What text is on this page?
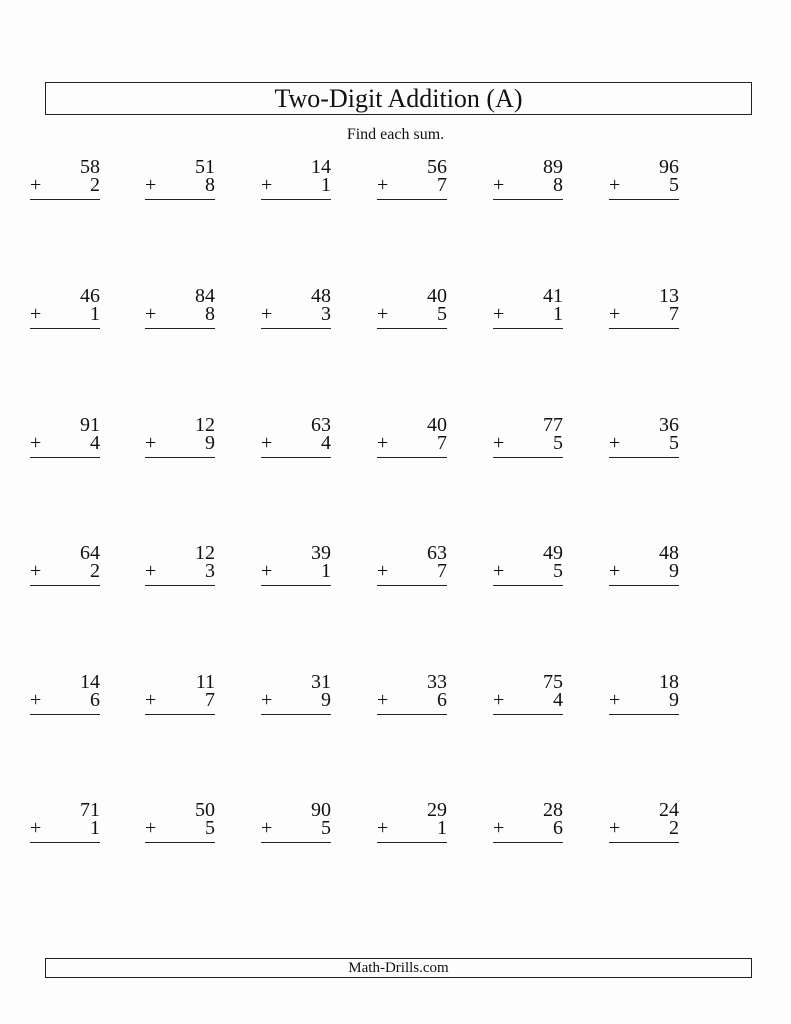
Two-Digit Addition (A)
Find each sum.
58
+ 2
51
+ 8
14
+ 1
56
+ 7
89
+ 8
96
+ 5
46
+ 1
84
+ 8
48
+ 3
40
+ 5
41
+ 1
13
+ 7
91
+ 4
12
+ 9
63
+ 4
40
+ 7
77
+ 5
36
+ 5
64
+ 2
12
+ 3
39
+ 1
63
+ 7
49
+ 5
48
+ 9
14
+ 6
11
+ 7
31
+ 9
33
+ 6
75
+ 4
18
+ 9
71
+ 1
50
+ 5
90
+ 5
29
+ 1
28
+ 6
24
+ 2
Math-Drills.com
